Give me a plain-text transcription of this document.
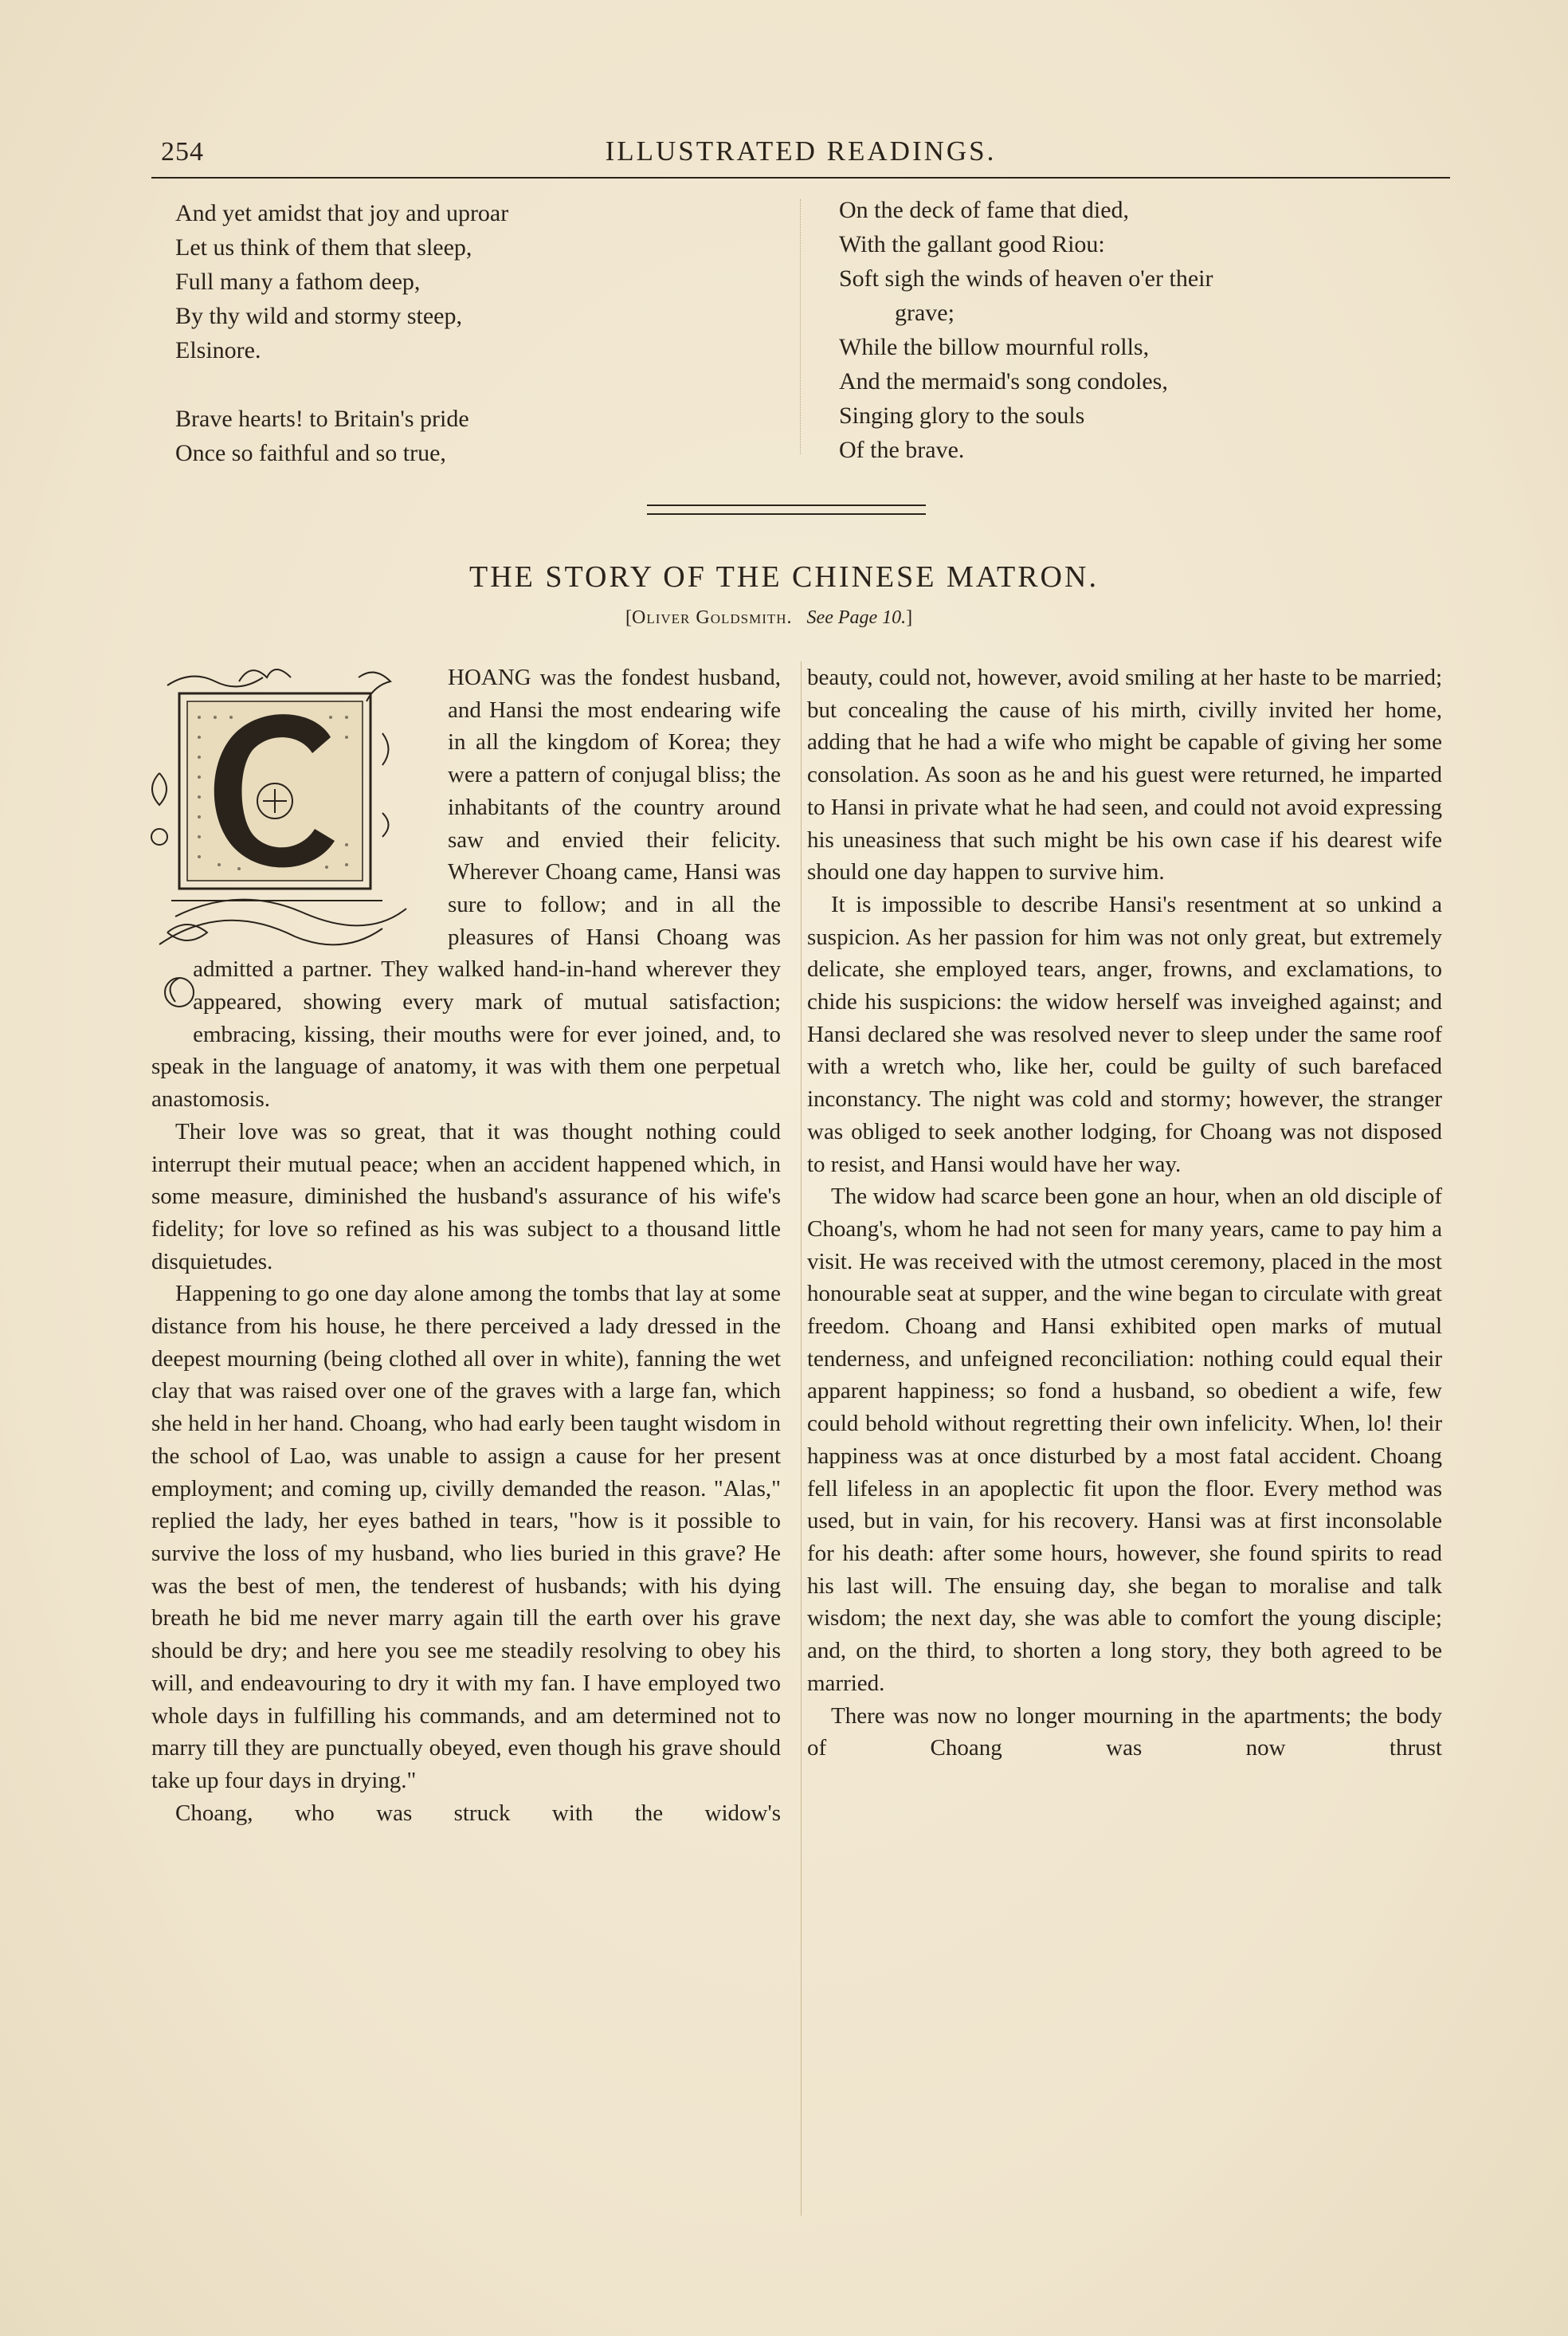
254	ILLUSTRATED READINGS.
And yet amidst that joy and uproar
Let us think of them that sleep,
Full many a fathom deep,
By thy wild and stormy steep,
Elsinore.
Brave hearts! to Britain's pride
Once so faithful and so true,
On the deck of fame that died,
With the gallant good Riou:
Soft sigh the winds of heaven o'er their
grave;
While the billow mournful rolls,
And the mermaid's song condoles,
Singing glory to the souls
Of the brave.
THE STORY OF THE CHINESE MATRON.
[Oliver Goldsmith. See Page 10.]

HOANG was the fondest husband, and Hansi the most endearing wife in all the kingdom of Korea; they were a pattern of conjugal bliss; the inhabitants of the country around saw and envied their felicity. Wherever Choang came, Hansi was sure to follow; and in all the pleasures of Hansi Choang was admitted a partner. They walked hand-in-hand wherever they appeared, showing every mark of mutual satisfaction; embracing, kissing, their mouths were for ever joined, and, to speak in the language of anatomy, it was with them one perpetual anastomosis.

Their love was so great, that it was thought nothing could interrupt their mutual peace; when an accident happened which, in some measure, diminished the husband's assurance of his wife's fidelity; for love so refined as his was subject to a thousand little disquietudes.

Happening to go one day alone among the tombs that lay at some distance from his house, he there perceived a lady dressed in the deepest mourning (being clothed all over in white), fanning the wet clay that was raised over one of the graves with a large fan, which she held in her hand. Choang, who had early been taught wisdom in the school of Lao, was unable to assign a cause for her present employment; and coming up, civilly demanded the reason. "Alas," replied the lady, her eyes bathed in tears, "how is it possible to survive the loss of my husband, who lies buried in this grave? He was the best of men, the tenderest of husbands; with his dying breath he bid me never marry again till the earth over his grave should be dry; and here you see me steadily resolving to obey his will, and endeavouring to dry it with my fan. I have employed two whole days in fulfilling his commands, and am determined not to marry till they are punctually obeyed, even though his grave should take up four days in drying."

Choang, who was struck with the widow's

beauty, could not, however, avoid smiling at her haste to be married; but concealing the cause of his mirth, civilly invited her home, adding that he had a wife who might be capable of giving her some consolation. As soon as he and his guest were returned, he imparted to Hansi in private what he had seen, and could not avoid expressing his uneasiness that such might be his own case if his dearest wife should one day happen to survive him.

It is impossible to describe Hansi's resentment at so unkind a suspicion. As her passion for him was not only great, but extremely delicate, she employed tears, anger, frowns, and exclamations, to chide his suspicions: the widow herself was inveighed against; and Hansi declared she was resolved never to sleep under the same roof with a wretch who, like her, could be guilty of such barefaced inconstancy. The night was cold and stormy; however, the stranger was obliged to seek another lodging, for Choang was not disposed to resist, and Hansi would have her way.

The widow had scarce been gone an hour, when an old disciple of Choang's, whom he had not seen for many years, came to pay him a visit. He was received with the utmost ceremony, placed in the most honourable seat at supper, and the wine began to circulate with great freedom. Choang and Hansi exhibited open marks of mutual tenderness, and unfeigned reconciliation: nothing could equal their apparent happiness; so fond a husband, so obedient a wife, few could behold without regretting their own infelicity. When, lo! their happiness was at once disturbed by a most fatal accident. Choang fell lifeless in an apoplectic fit upon the floor. Every method was used, but in vain, for his recovery. Hansi was at first inconsolable for his death: after some hours, however, she found spirits to read his last will. The ensuing day, she began to moralise and talk wisdom; the next day, she was able to comfort the young disciple; and, on the third, to shorten a long story, they both agreed to be married.

There was now no longer mourning in the apartments; the body of Choang was now thrust
